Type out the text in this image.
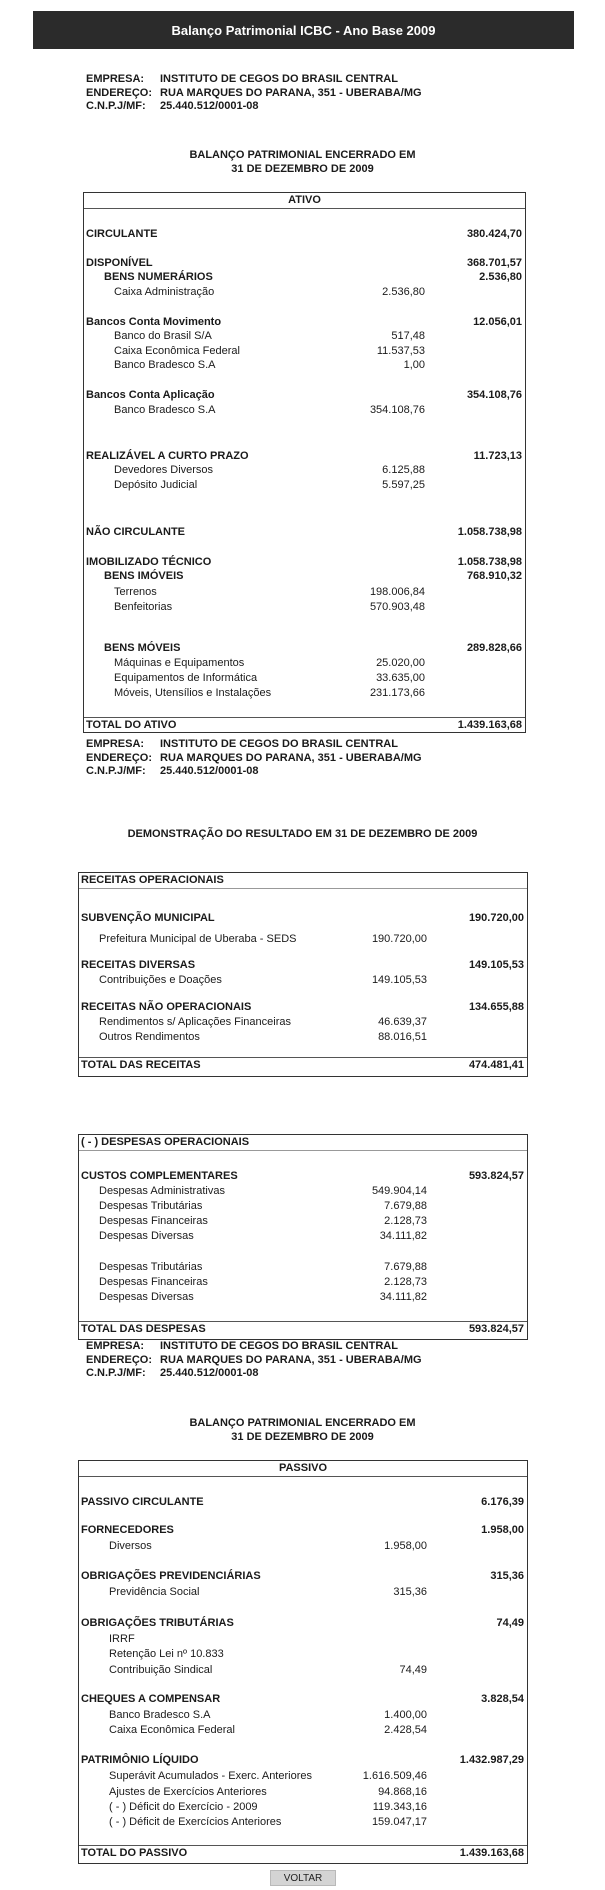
Balanço Patrimonial ICBC - Ano Base 2009
EMPRESA:	INSTITUTO DE CEGOS DO BRASIL CENTRAL
ENDEREÇO: RUA MARQUES DO PARANA, 351 - UBERABA/MG
C.N.P.J/MF:	25.440.512/0001-08
BALANÇO PATRIMONIAL ENCERRADO EM
31 DE DEZEMBRO DE 2009
ATIVO
CIRCULANTE	380.424,70
DISPONÍVEL	368.701,57
BENS NUMERÁRIOS	2.536,80
Caixa Administração	2.536,80
Bancos Conta Movimento	12.056,01
Banco do Brasil S/A	517,48
Caixa Econômica Federal	11.537,53
Banco Bradesco S.A	1,00
Bancos Conta Aplicação	354.108,76
Banco Bradesco S.A	354.108,76
REALIZÁVEL A CURTO PRAZO	11.723,13
Devedores Diversos	6.125,88
Depósito Judicial	5.597,25
NÃO CIRCULANTE	1.058.738,98
IMOBILIZADO TÉCNICO	1.058.738,98
BENS IMÓVEIS	768.910,32
Terrenos	198.006,84
Benfeitorias	570.903,48
BENS MÓVEIS	289.828,66
Máquinas e Equipamentos	25.020,00
Equipamentos de Informática	33.635,00
Móveis, Utensílios e Instalações	231.173,66
TOTAL DO ATIVO	1.439.163,68
EMPRESA:	INSTITUTO DE CEGOS DO BRASIL CENTRAL
ENDEREÇO: RUA MARQUES DO PARANA, 351 - UBERABA/MG
C.N.P.J/MF:	25.440.512/0001-08
DEMONSTRAÇÃO DO RESULTADO EM 31 DE DEZEMBRO DE 2009
RECEITAS OPERACIONAIS
SUBVENÇÃO MUNICIPAL	190.720,00
Prefeitura Municipal de Uberaba - SEDS	190.720,00
RECEITAS DIVERSAS	149.105,53
Contribuições e Doações	149.105,53
RECEITAS NÃO OPERACIONAIS	134.655,88
Rendimentos s/ Aplicações Financeiras	46.639,37
Outros Rendimentos	88.016,51
TOTAL DAS RECEITAS	474.481,41
( - ) DESPESAS OPERACIONAIS
CUSTOS COMPLEMENTARES	593.824,57
Despesas Administrativas	549.904,14
Despesas Tributárias	7.679,88
Despesas Financeiras	2.128,73
Despesas Diversas	34.111,82
Despesas Tributárias	7.679,88
Despesas Financeiras	2.128,73
Despesas Diversas	34.111,82
TOTAL DAS DESPESAS	593.824,57
EMPRESA:	INSTITUTO DE CEGOS DO BRASIL CENTRAL
ENDEREÇO: RUA MARQUES DO PARANA, 351 - UBERABA/MG
C.N.P.J/MF:	25.440.512/0001-08
BALANÇO PATRIMONIAL ENCERRADO EM
31 DE DEZEMBRO DE 2009
PASSIVO
PASSIVO CIRCULANTE	6.176,39
FORNECEDORES	1.958,00
Diversos	1.958,00
OBRIGAÇÕES PREVIDENCIÁRIAS	315,36
Previdência Social	315,36
OBRIGAÇÕES TRIBUTÁRIAS	74,49
IRRF
Retenção Lei nº 10.833
Contribuição Sindical	74,49
CHEQUES A COMPENSAR	3.828,54
Banco Bradesco S.A	1.400,00
Caixa Econômica Federal	2.428,54
PATRIMÔNIO LÍQUIDO	1.432.987,29
Superávit Acumulados - Exerc. Anteriores	1.616.509,46
Ajustes de Exercícios Anteriores	94.868,16
( - ) Déficit do Exercício - 2009	119.343,16
( - ) Déficit de Exercícios Anteriores	159.047,17
TOTAL DO PASSIVO	1.439.163,68
VOLTAR
